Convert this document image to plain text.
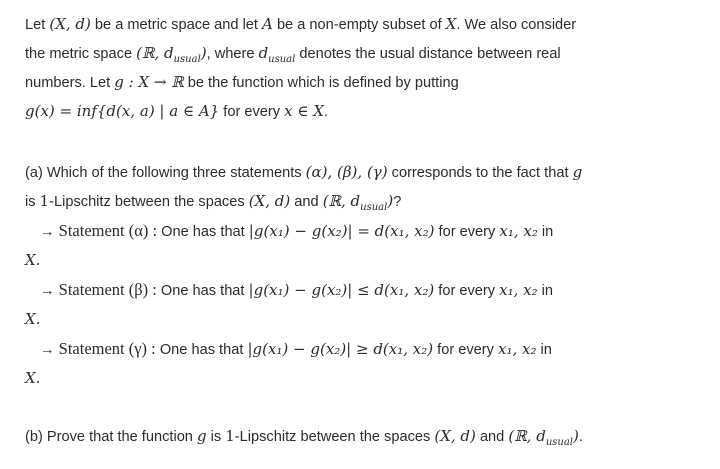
Let (X, d) be a metric space and let A be a non-empty subset of X. We also consider
the metric space (ℝ, $d_{usual}$), where $d_{usual}$ denotes the usual distance between real
numbers. Let g : X → ℝ be the function which is defined by putting
g(x) = inf{d(x, a) | a ∈ A} for every x ∈ X.
(a) Which of the following three statements (α), (β), (γ) corresponds to the fact that g
is 1-Lipschitz between the spaces (X, d) and (ℝ, $d_{usual}$)?
→ Statement (α) : One has that |g(x₁) − g(x₂)| = d(x₁, x₂) for every x₁, x₂ in
X.
→ Statement (β) : One has that |g(x₁) − g(x₂)| ≤ d(x₁, x₂) for every x₁, x₂ in
X.
→ Statement (γ) : One has that |g(x₁) − g(x₂)| ≥ d(x₁, x₂) for every x₁, x₂ in
X.
(b) Prove that the function g is 1-Lipschitz between the spaces (X, d) and (ℝ, $d_{usual}$).
